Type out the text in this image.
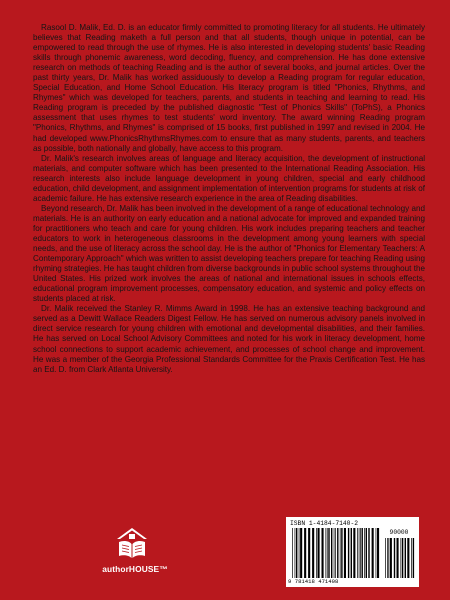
Rasool D. Malik, Ed. D. is an educator firmly committed to promoting literacy for all students. He ultimately believes that Reading maketh a full person and that all students, though unique in potential, can be empowered to read through the use of rhymes. He is also interested in developing students' basic Reading skills through phonemic awareness, word decoding, fluency, and comprehension. He has done extensive research on methods of teaching Reading and is the author of several books, and journal articles. Over the past thirty years, Dr. Malik has worked assiduously to develop a Reading program for regular education, Special Education, and Home School Education. His literacy program is titled "Phonics, Rhythms, and Rhymes" which was developed for teachers, parents, and students in teaching and learning to read. His Reading program is preceded by the published diagnostic "Test of Phonics Skills" (ToPhS), a Phonics assessment that uses rhymes to test students' word inventory. The award winning Reading program "Phonics, Rhythms, and Rhymes" is comprised of 15 books, first published in 1997 and revised in 2004. He had developed www.PhonicsRhythmsRhymes.com to ensure that as many students, parents, and teachers as possible, both nationally and globally, have access to this program.

Dr. Malik's research involves areas of language and literacy acquisition, the development of instructional materials, and computer software which has been presented to the International Reading Association. His research interests also include language development in young children, special and early childhood education, child development, and assignment implementation of intervention programs for students at risk of academic failure. He has extensive research experience in the area of Reading disabilities.

Beyond research, Dr. Malik has been involved in the development of a range of educational technology and materials. He is an authority on early education and a national advocate for improved and expanded training for practitioners who teach and care for young children. His work includes preparing teachers and teacher educators to work in heterogeneous classrooms in the development among young learners with special needs, and the use of literacy across the school day. He is the author of "Phonics for Elementary Teachers: A Contemporary Approach" which was written to assist developing teachers prepare for teaching Reading using rhyming strategies. He has taught children from diverse backgrounds in public school systems throughout the United States. His prized work involves the areas of national and international issues in schools effects, educational program improvement processes, compensatory education, and systemic and policy effects on students placed at risk.

Dr. Malik received the Stanley R. Mimms Award in 1998. He has an extensive teaching background and served as a Dewitt Wallace Readers Digest Fellow. He has served on numerous advisory panels involved in direct service research for young children with emotional and developmental disabilities, and their families. He has served on Local School Advisory Committees and noted for his work in literacy development, home school connections to support academic achievement, and processes of school change and improvement. He was a member of the Georgia Professional Standards Committee for the Praxis Certification Test. He has an Ed. D. from Clark Atlanta University.

authorHOUSE™
ISBN 1-4184-7140-2
90000
9 781418 471408
